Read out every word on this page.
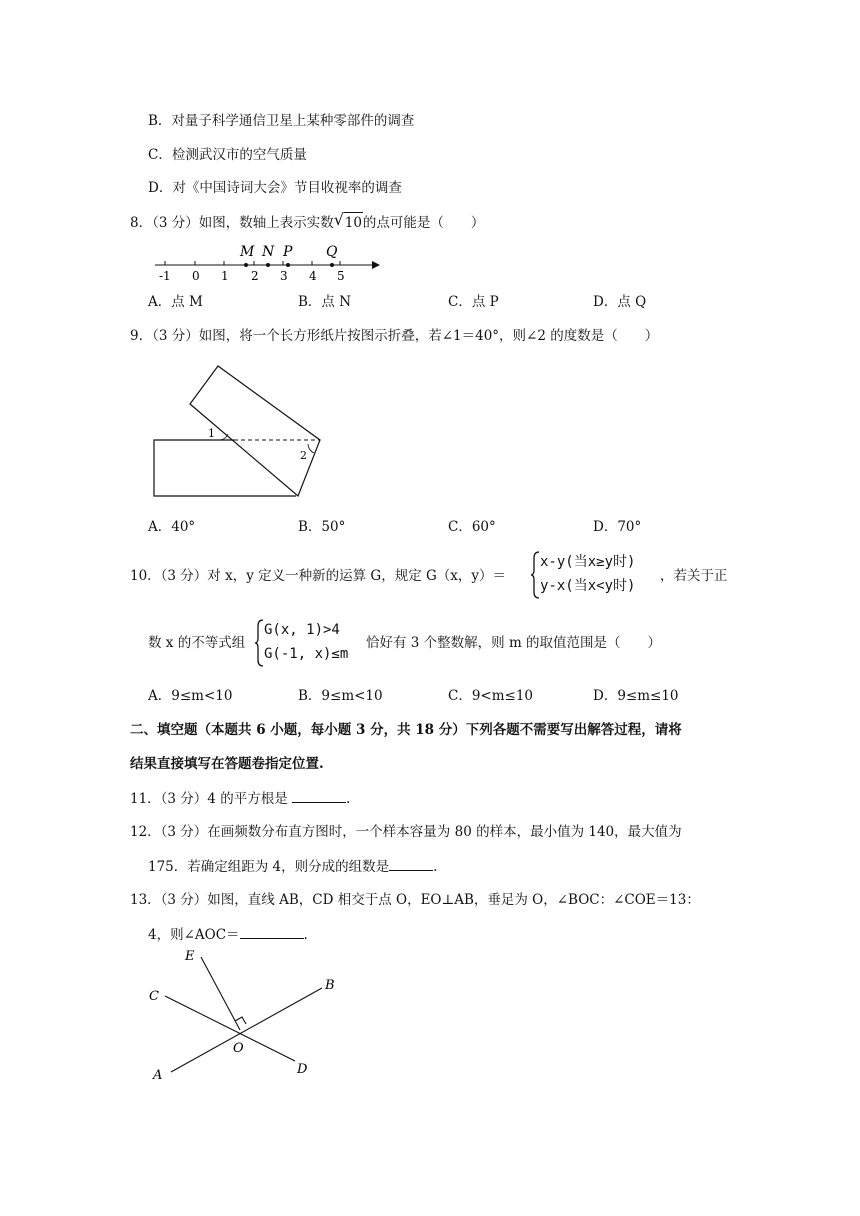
B．对量子科学通信卫星上某种零部件的调查
C．检测武汉市的空气质量
D．对《中国诗词大会》节目收视率的调查
8．（3 分）如图，数轴上表示实数 √ 10的点可能是（　　）
-1 0 1 2 3 4 5
M N P Q
A．点 M	B．点 N	C．点 P	D．点 Q
9．（3 分）如图，将一个长方形纸片按图示折叠，若∠1＝40°，则∠2 的度数是（　　）
1
2
A．40°	B．50°	C．60°	D．70°
10．（3 分）对 x，y 定义一种新的运算 G，规定 G（x，y）＝
x-y(当x≥y时)
y-x(当x<y时)
，若关于正
数 x 的不等式组
G(x, 1)>4
G(-1, x)≤m
恰好有 3 个整数解，则 m 的取值范围是（　　）
A．9≤m<10	B．9≤m<10	C．9<m≤10	D．9≤m≤10
二、填空题（本题共 6 小题，每小题 3 分，共 18 分）下列各题不需要写出解答过程，请将
结果直接填写在答题卷指定位置.
11．（3 分）4 的平方根是	.
12．（3 分）在画频数分布直方图时，一个样本容量为 80 的样本，最小值为 140，最大值为
175．若确定组距为 4，则分成的组数是	.
13．（3 分）如图，直线 AB，CD 相交于点 O，EO⊥AB，垂足为 O，∠BOC：∠COE＝13：
4，则∠AOC＝	.
E
B
C
O
A	D
